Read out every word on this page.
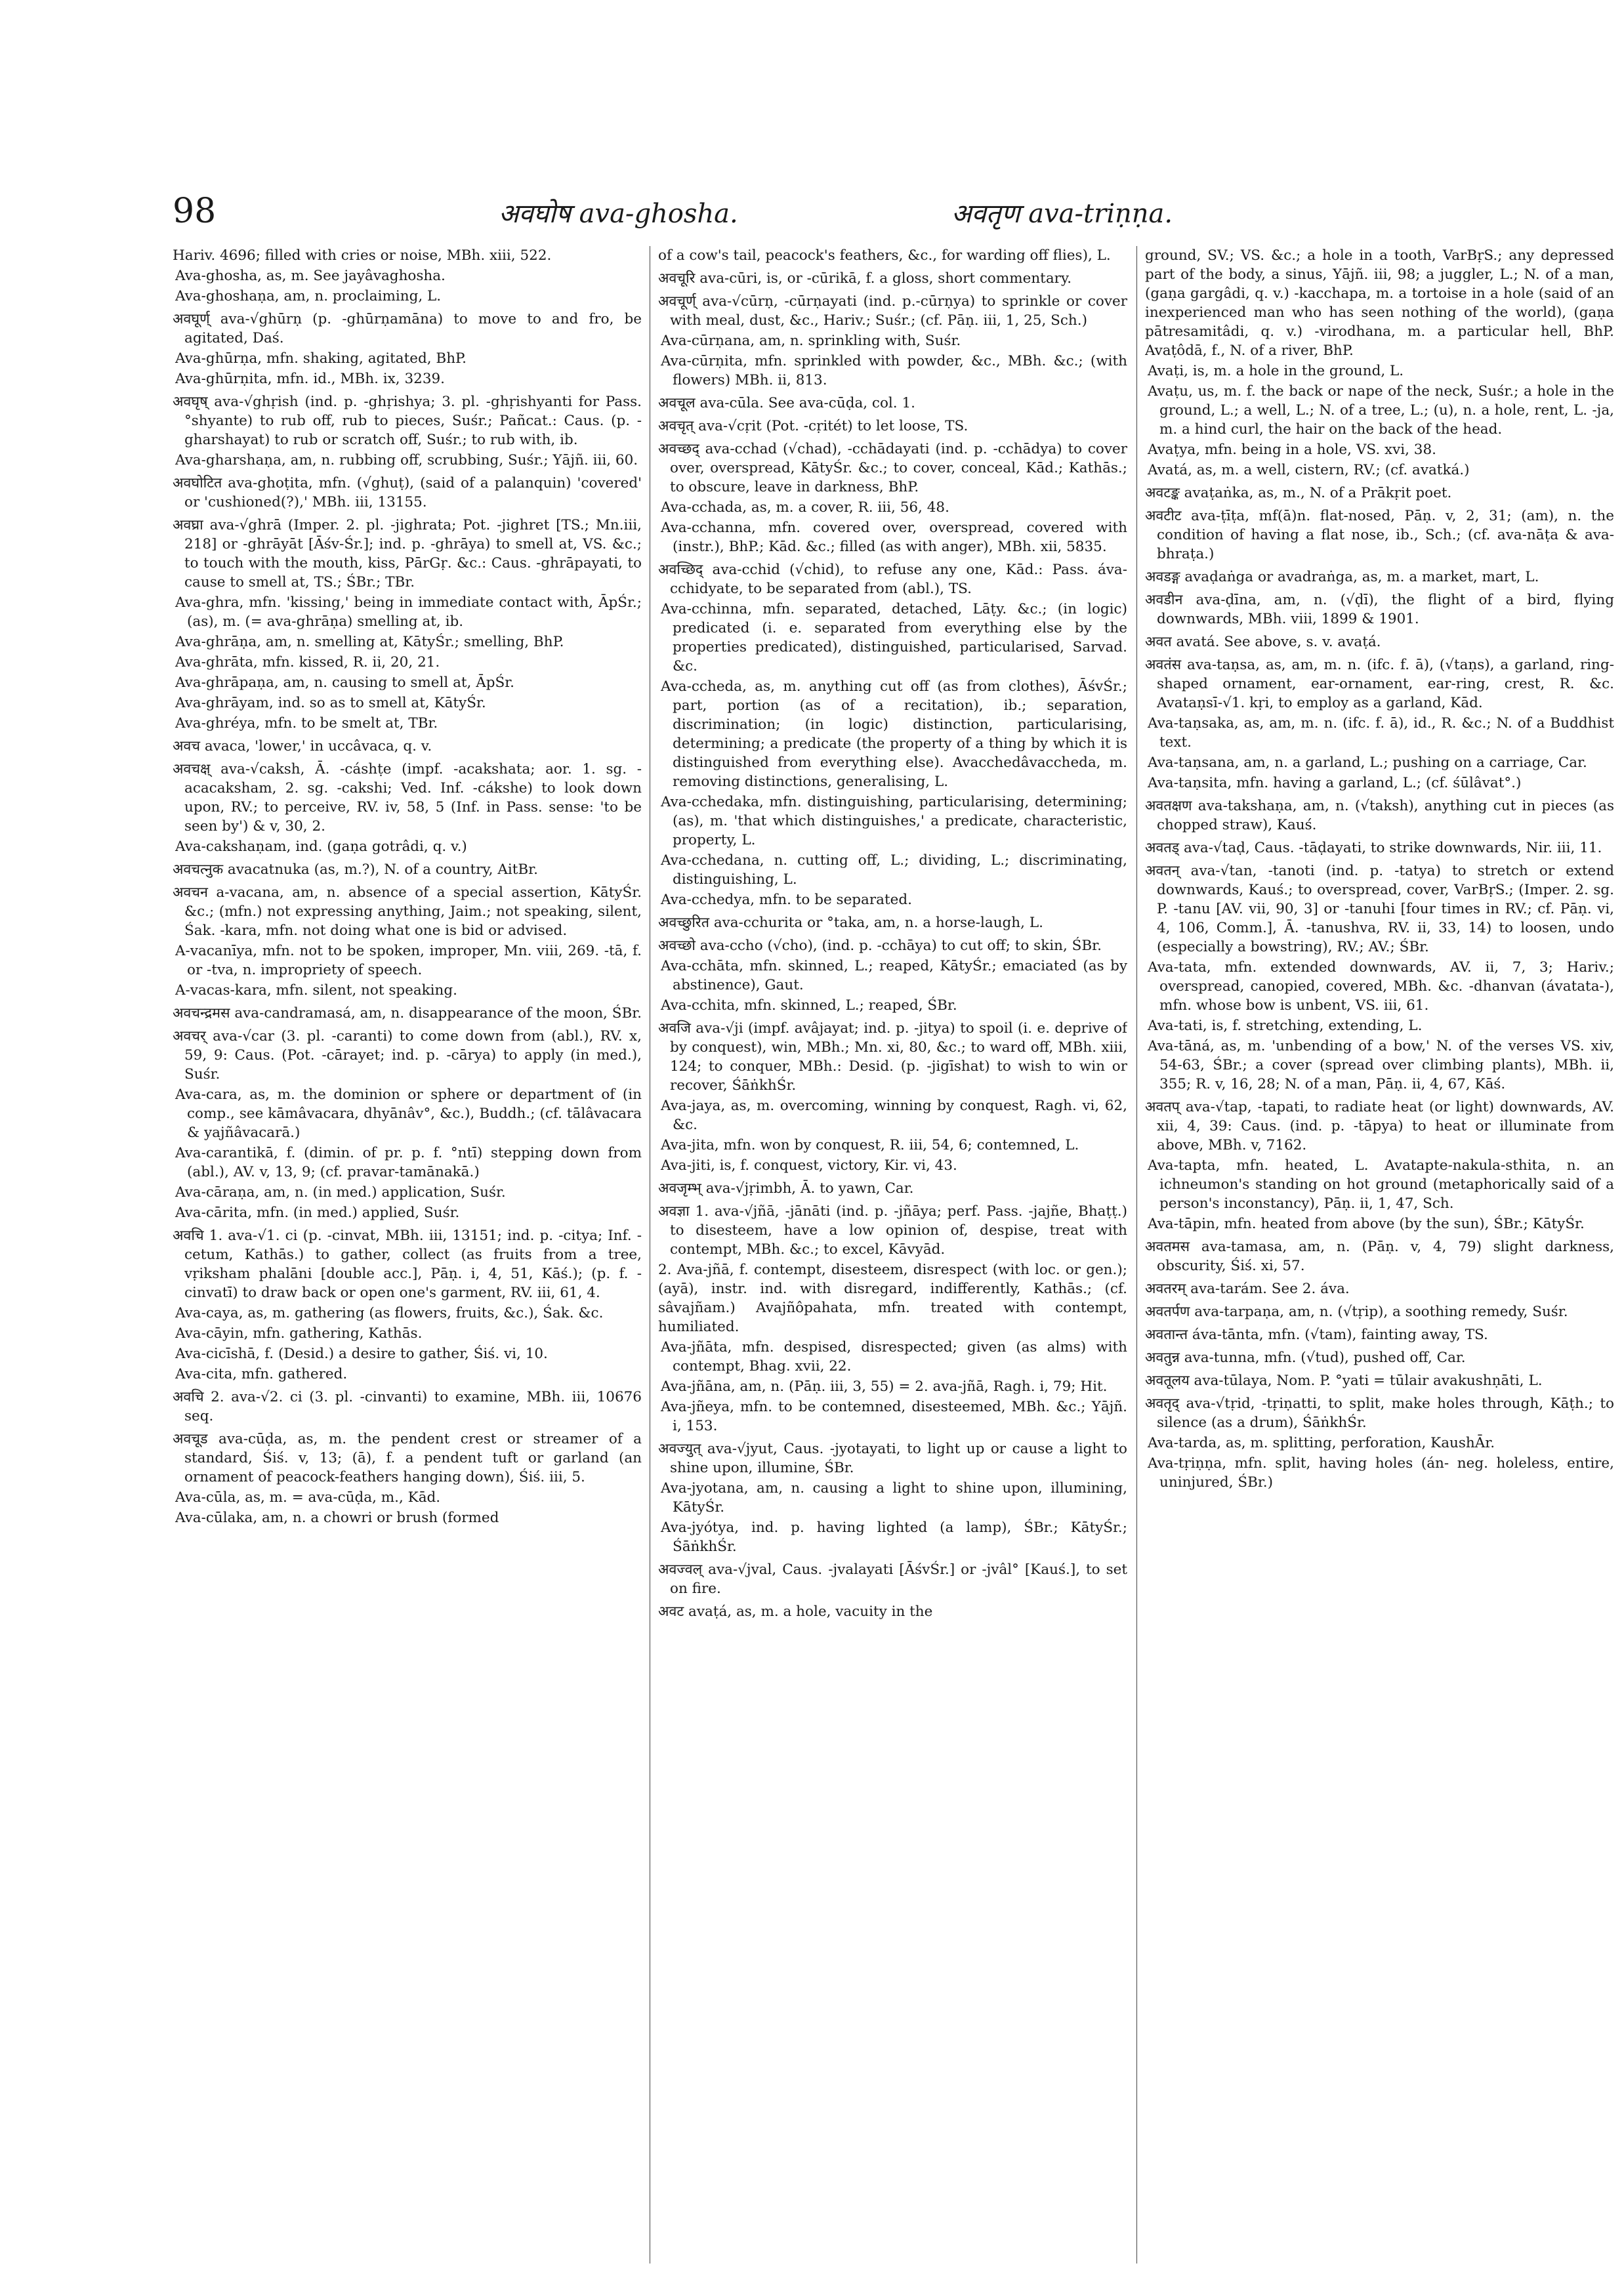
98	अवघोष ava-ghosha.	अवतृण ava-triṇṇa.

Hariv. 4696; filled with cries or noise, MBh. xiii, 522.

Ava-ghosha, as, m. See jayâvaghosha.

Ava-ghoshaṇa, am, n. proclaiming, L.

अवघूर्ण् ava-√ghūrṇ (p. -ghūrṇamāna) to move to and fro, be agitated, Daś.

Ava-ghūrṇa, mfn. shaking, agitated, BhP.

Ava-ghūrṇita, mfn. id., MBh. ix, 3239.

अवघृष् ava-√ghṛish (ind. p. -ghṛishya; 3. pl. -ghṛishyanti for Pass. °shyante) to rub off, rub to pieces, Suśr.; Pañcat.: Caus. (p. -gharshayat) to rub or scratch off, Suśr.; to rub with, ib.

Ava-gharshaṇa, am, n. rubbing off, scrubbing, Suśr.; Yājñ. iii, 60.

अवघोटित ava-ghoṭita, mfn. (√ghuṭ), (said of a palanquin) 'covered' or 'cushioned(?),' MBh. iii, 13155.

अवघ्रा ava-√ghrā (Imper. 2. pl. -jighrata; Pot. -jighret [TS.; Mn.iii, 218] or -ghrāyāt [Āśv-Śr.]; ind. p. -ghrāya) to smell at, VS. &c.; to touch with the mouth, kiss, PārGṛ. &c.: Caus. -ghrāpayati, to cause to smell at, TS.; ŚBr.; TBr.

Ava-ghra, mfn. 'kissing,' being in immediate contact with, ĀpŚr.; (as), m. (= ava-ghrāṇa) smelling at, ib.

Ava-ghrāṇa, am, n. smelling at, KātyŚr.; smelling, BhP.

Ava-ghrāta, mfn. kissed, R. ii, 20, 21.

Ava-ghrāpaṇa, am, n. causing to smell at, ĀpŚr.

Ava-ghrāyam, ind. so as to smell at, KātyŚr.

Ava-ghréya, mfn. to be smelt at, TBr.

अवच avaca, 'lower,' in uccâvaca, q. v.

अवचक्ष् ava-√caksh, Ā. -cáshṭe (impf. -acakshata; aor. 1. sg. -acacaksham, 2. sg. -cakshi; Ved. Inf. -cákshe) to look down upon, RV.; to perceive, RV. iv, 58, 5 (Inf. in Pass. sense: 'to be seen by') & v, 30, 2.

Ava-cakshaṇam, ind. (gaṇa gotrâdi, q. v.)

अवचत्नुक avacatnuka (as, m.?), N. of a country, AitBr.

अवचन a-vacana, am, n. absence of a special assertion, KātyŚr. &c.; (mfn.) not expressing anything, Jaim.; not speaking, silent, Śak. -kara, mfn. not doing what one is bid or advised.

A-vacanīya, mfn. not to be spoken, improper, Mn. viii, 269. -tā, f. or -tva, n. impropriety of speech.

A-vacas-kara, mfn. silent, not speaking.

अवचन्द्रमस ava-candramasá, am, n. disappearance of the moon, ŚBr.

अवचर् ava-√car (3. pl. -caranti) to come down from (abl.), RV. x, 59, 9: Caus. (Pot. -cārayet; ind. p. -cārya) to apply (in med.), Suśr.

Ava-cara, as, m. the dominion or sphere or department of (in comp., see kāmâvacara, dhyānâv°, &c.), Buddh.; (cf. tālâvacara & yajñâvacarā.)

Ava-carantikā, f. (dimin. of pr. p. f. °ntī) stepping down from (abl.), AV. v, 13, 9; (cf. pravar-tamānakā.)

Ava-cāraṇa, am, n. (in med.) application, Suśr.

Ava-cārita, mfn. (in med.) applied, Suśr.

अवचि 1. ava-√1. ci (p. -cinvat, MBh. iii, 13151; ind. p. -citya; Inf. -cetum, Kathās.) to gather, collect (as fruits from a tree, vṛiksham phalāni [double acc.], Pāṇ. i, 4, 51, Kāś.); (p. f. -cinvatī) to draw back or open one's garment, RV. iii, 61, 4.

Ava-caya, as, m. gathering (as flowers, fruits, &c.), Śak. &c.

Ava-cāyin, mfn. gathering, Kathās.

Ava-cicīshā, f. (Desid.) a desire to gather, Śiś. vi, 10.

Ava-cita, mfn. gathered.

अवचि 2. ava-√2. ci (3. pl. -cinvanti) to examine, MBh. iii, 10676 seq.

अवचूड ava-cūḍa, as, m. the pendent crest or streamer of a standard, Śiś. v, 13; (ā), f. a pendent tuft or garland (an ornament of peacock-feathers hanging down), Śiś. iii, 5.

Ava-cūla, as, m. = ava-cūḍa, m., Kād.

Ava-cūlaka, am, n. a chowri or brush (formed

of a cow's tail, peacock's feathers, &c., for warding off flies), L.

अवचूरि ava-cūri, is, or -cūrikā, f. a gloss, short commentary.

अवचूर्ण् ava-√cūrṇ, -cūrṇayati (ind. p.-cūrṇya) to sprinkle or cover with meal, dust, &c., Hariv.; Suśr.; (cf. Pāṇ. iii, 1, 25, Sch.)

Ava-cūrṇana, am, n. sprinkling with, Suśr.

Ava-cūrṇita, mfn. sprinkled with powder, &c., MBh. &c.; (with flowers) MBh. ii, 813.

अवचूल ava-cūla. See ava-cūḍa, col. 1.

अवचृत् ava-√cṛit (Pot. -cṛitét) to let loose, TS.

अवच्छद् ava-cchad (√chad), -cchādayati (ind. p. -cchādya) to cover over, overspread, KātyŚr. &c.; to cover, conceal, Kād.; Kathās.; to obscure, leave in darkness, BhP.

Ava-cchada, as, m. a cover, R. iii, 56, 48.

Ava-cchanna, mfn. covered over, overspread, covered with (instr.), BhP.; Kād. &c.; filled (as with anger), MBh. xii, 5835.

अवच्छिद् ava-cchid (√chid), to refuse any one, Kād.: Pass. áva-cchidyate, to be separated from (abl.), TS.

Ava-cchinna, mfn. separated, detached, Lāṭy. &c.; (in logic) predicated (i. e. separated from everything else by the properties predicated), distinguished, particularised, Sarvad. &c.

Ava-ccheda, as, m. anything cut off (as from clothes), ĀśvŚr.; part, portion (as of a recitation), ib.; separation, discrimination; (in logic) distinction, particularising, determining; a predicate (the property of a thing by which it is distinguished from everything else). Avacchedâvaccheda, m. removing distinctions, generalising, L.

Ava-cchedaka, mfn. distinguishing, particularising, determining; (as), m. 'that which distinguishes,' a predicate, characteristic, property, L.

Ava-cchedana, n. cutting off, L.; dividing, L.; discriminating, distinguishing, L.

Ava-cchedya, mfn. to be separated.

अवच्छुरित ava-cchurita or °taka, am, n. a horse-laugh, L.

अवच्छो ava-ccho (√cho), (ind. p. -cchāya) to cut off; to skin, ŚBr.

Ava-cchāta, mfn. skinned, L.; reaped, KātyŚr.; emaciated (as by abstinence), Gaut.

Ava-cchita, mfn. skinned, L.; reaped, ŚBr.

अवजि ava-√ji (impf. avâjayat; ind. p. -jitya) to spoil (i. e. deprive of by conquest), win, MBh.; Mn. xi, 80, &c.; to ward off, MBh. xiii, 124; to conquer, MBh.: Desid. (p. -jigīshat) to wish to win or recover, ŚāṅkhŚr.

Ava-jaya, as, m. overcoming, winning by conquest, Ragh. vi, 62, &c.

Ava-jita, mfn. won by conquest, R. iii, 54, 6; contemned, L.

Ava-jiti, is, f. conquest, victory, Kir. vi, 43.

अवजृम्भ् ava-√jṛimbh, Ā. to yawn, Car.

अवज्ञा 1. ava-√jñā, -jānāti (ind. p. -jñāya; perf. Pass. -jajñe, Bhaṭṭ.) to disesteem, have a low opinion of, despise, treat with contempt, MBh. &c.; to excel, Kāvyād.

2. Ava-jñā, f. contempt, disesteem, disrespect (with loc. or gen.); (ayā), instr. ind. with disregard, indifferently, Kathās.; (cf. sâvajñam.) Avajñôpahata, mfn. treated with contempt, humiliated.

Ava-jñāta, mfn. despised, disrespected; given (as alms) with contempt, Bhag. xvii, 22.

Ava-jñāna, am, n. (Pāṇ. iii, 3, 55) = 2. ava-jñā, Ragh. i, 79; Hit.

Ava-jñeya, mfn. to be contemned, disesteemed, MBh. &c.; Yājñ. i, 153.

अवज्युत् ava-√jyut, Caus. -jyotayati, to light up or cause a light to shine upon, illumine, ŚBr.

Ava-jyotana, am, n. causing a light to shine upon, illumining, KātyŚr.

Ava-jyótya, ind. p. having lighted (a lamp), ŚBr.; KātyŚr.; ŚāṅkhŚr.

अवज्वल् ava-√jval, Caus. -jvalayati [ĀśvŚr.] or -jvâl° [Kauś.], to set on fire.

अवट avaṭá, as, m. a hole, vacuity in the

ground, SV.; VS. &c.; a hole in a tooth, VarBṛS.; any depressed part of the body, a sinus, Yājñ. iii, 98; a juggler, L.; N. of a man, (gaṇa gargâdi, q. v.) -kacchapa, m. a tortoise in a hole (said of an inexperienced man who has seen nothing of the world), (gaṇa pātresamitâdi, q. v.) -virodhana, m. a particular hell, BhP. Avaṭôdā, f., N. of a river, BhP.

Avaṭi, is, m. a hole in the ground, L.

Avaṭu, us, m. f. the back or nape of the neck, Suśr.; a hole in the ground, L.; a well, L.; N. of a tree, L.; (u), n. a hole, rent, L. -ja, m. a hind curl, the hair on the back of the head.

Avaṭya, mfn. being in a hole, VS. xvi, 38.

Avatá, as, m. a well, cistern, RV.; (cf. avatká.)

अवटङ्क avaṭaṅka, as, m., N. of a Prākṛit poet.

अवटीट ava-ṭīṭa, mf(ā)n. flat-nosed, Pāṇ. v, 2, 31; (am), n. the condition of having a flat nose, ib., Sch.; (cf. ava-nāṭa & ava-bhraṭa.)

अवडङ्ग avaḍaṅga or avadraṅga, as, m. a market, mart, L.

अवडीन ava-ḍīna, am, n. (√ḍī), the flight of a bird, flying downwards, MBh. viii, 1899 & 1901.

अवत avatá. See above, s. v. avaṭá.

अवतंस ava-taṇsa, as, am, m. n. (ifc. f. ā), (√taṇs), a garland, ring-shaped ornament, ear-ornament, ear-ring, crest, R. &c. Avataṇsī-√1. kṛi, to employ as a garland, Kād.

Ava-taṇsaka, as, am, m. n. (ifc. f. ā), id., R. &c.; N. of a Buddhist text.

Ava-taṇsana, am, n. a garland, L.; pushing on a carriage, Car.

Ava-taṇsita, mfn. having a garland, L.; (cf. śūlâvat°.)

अवतक्षण ava-takshaṇa, am, n. (√taksh), anything cut in pieces (as chopped straw), Kauś.

अवतड् ava-√taḍ, Caus. -tāḍayati, to strike downwards, Nir. iii, 11.

अवतन् ava-√tan, -tanoti (ind. p. -tatya) to stretch or extend downwards, Kauś.; to overspread, cover, VarBṛS.; (Imper. 2. sg. P. -tanu [AV. vii, 90, 3] or -tanuhi [four times in RV.; cf. Pāṇ. vi, 4, 106, Comm.], Ā. -tanushva, RV. ii, 33, 14) to loosen, undo (especially a bowstring), RV.; AV.; ŚBr.

Ava-tata, mfn. extended downwards, AV. ii, 7, 3; Hariv.; overspread, canopied, covered, MBh. &c. -dhanvan (ávatata-), mfn. whose bow is unbent, VS. iii, 61.

Ava-tati, is, f. stretching, extending, L.

Ava-tāná, as, m. 'unbending of a bow,' N. of the verses VS. xiv, 54-63, ŚBr.; a cover (spread over climbing plants), MBh. ii, 355; R. v, 16, 28; N. of a man, Pāṇ. ii, 4, 67, Kāś.

अवतप् ava-√tap, -tapati, to radiate heat (or light) downwards, AV. xii, 4, 39: Caus. (ind. p. -tāpya) to heat or illuminate from above, MBh. v, 7162.

Ava-tapta, mfn. heated, L. Avatapte-nakula-sthita, n. an ichneumon's standing on hot ground (metaphorically said of a person's inconstancy), Pāṇ. ii, 1, 47, Sch.

Ava-tāpin, mfn. heated from above (by the sun), ŚBr.; KātyŚr.

अवतमस ava-tamasa, am, n. (Pāṇ. v, 4, 79) slight darkness, obscurity, Śiś. xi, 57.

अवतरम् ava-tarám. See 2. áva.

अवतर्पण ava-tarpaṇa, am, n. (√tṛip), a soothing remedy, Suśr.

अवतान्त áva-tānta, mfn. (√tam), fainting away, TS.

अवतुन्न ava-tunna, mfn. (√tud), pushed off, Car.

अवतूलय ava-tūlaya, Nom. P. °yati = tūlair avakushṇāti, L.

अवतृद् ava-√tṛid, -tṛiṇatti, to split, make holes through, Kāṭh.; to silence (as a drum), ŚāṅkhŚr.

Ava-tarda, as, m. splitting, perforation, KaushĀr.

Ava-tṛiṇṇa, mfn. split, having holes (án- neg. holeless, entire, uninjured, ŚBr.)
